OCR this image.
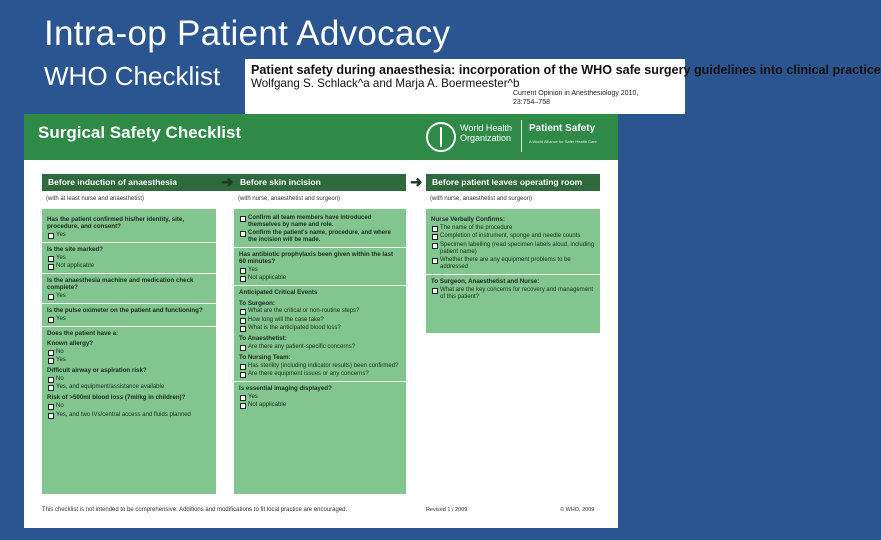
Intra-op Patient Advocacy
WHO Checklist Patient safety during anaesthesia: incorporation of the WHO safe surgery guidelines into clinical practice
Wolfgang S. Schlack^a and Marja A. Boermeester^b
Current Opinion in Anesthesiology 2010,
23:754–758
Surgical Safety Checklist	World Health Organization
Patient Safety
A World Alliance for Safer Health Care
Before induction of anaesthesia	➜ Before skin incision	➜	Before patient leaves operating room
(with at least nurse and anaesthetist)	(with nurse, anaesthetist and surgeon)	(with nurse, anaesthetist and surgeon)
Has the patient confirmed his/her identity, site, procedure, and consent?
Yes
Is the site marked?
Yes
Not applicable
Is the anaesthesia machine and medication check complete?
Yes
Is the pulse oximeter on the patient and functioning?
Yes
Does the patient have a:
Known allergy?
No
Yes
Difficult airway or aspiration risk?
No
Yes, and equipment/assistance available
Risk of >500ml blood loss (7ml/kg in children)?
No
Yes, and two IVs/central access and fluids planned
Confirm all team members have introduced themselves by name and role.
Confirm the patient's name, procedure, and where the incision will be made.
Has antibiotic prophylaxis been given within the last 60 minutes?
Yes
Not applicable
Anticipated Critical Events
To Surgeon:
What are the critical or non-routine steps?
How long will the case take?
What is the anticipated blood loss?
To Anaesthetist:
Are there any patient-specific concerns?
To Nursing Team:
Has sterility (including indicator results) been confirmed?
Are there equipment issues or any concerns?
Is essential imaging displayed?
Yes
Not applicable
Nurse Verbally Confirms:
The name of the procedure
Completion of instrument, sponge and needle counts
Specimen labelling (read specimen labels aloud, including patient name)
Whether there are any equipment problems to be addressed
To Surgeon, Anaesthetist and Nurse:
What are the key concerns for recovery and management of this patient?
This checklist is not intended to be comprehensive. Additions and modifications to fit local practice are encouraged.	Revised 1 / 2009	© WHO, 2009
